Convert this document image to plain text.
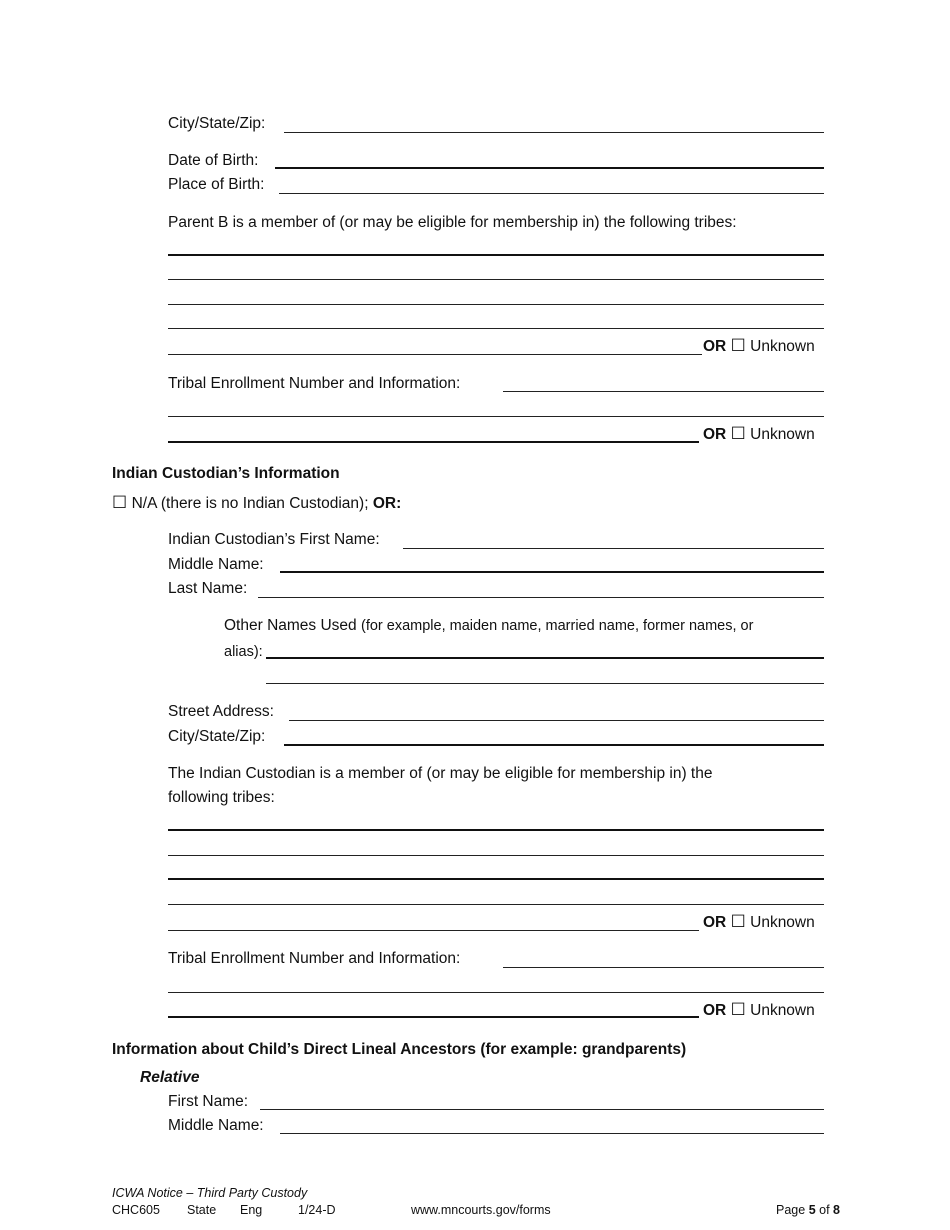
City/State/Zip:
Date of Birth:
Place of Birth:
Parent B is a member of (or may be eligible for membership in) the following tribes:
OR ☐ Unknown
Tribal Enrollment Number and Information:
OR ☐ Unknown
Indian Custodian’s Information
☐ N/A (there is no Indian Custodian); OR:
Indian Custodian’s First Name:
Middle Name:
Last Name:
Other Names Used (for example, maiden name, married name, former names, or
alias):
Street Address:
City/State/Zip:
The Indian Custodian is a member of (or may be eligible for membership in) the
following tribes:
OR ☐ Unknown
Tribal Enrollment Number and Information:
OR ☐ Unknown
Information about Child’s Direct Lineal Ancestors (for example: grandparents)
Relative
First Name:
Middle Name:
ICWA Notice – Third Party Custody
CHC605 State Eng	1/24-D	www.mncourts.gov/forms	Page 5 of 8
